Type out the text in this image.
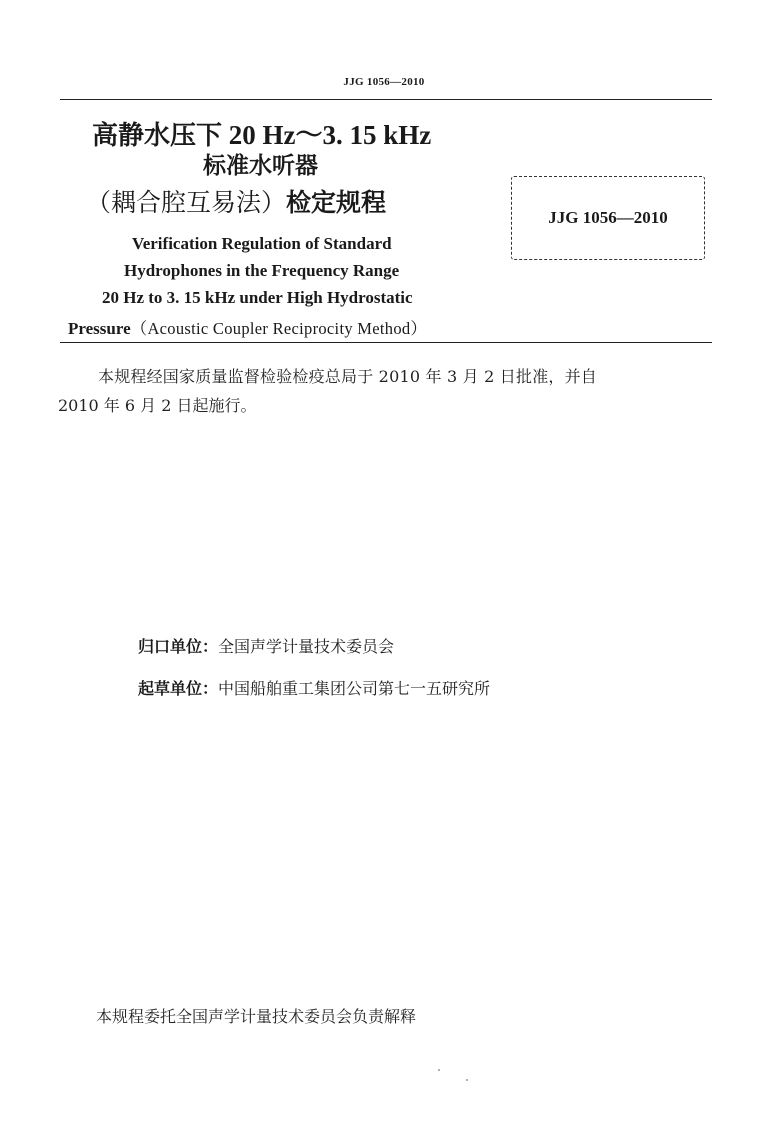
JJG 1056—2010
高静水压下 20 Hz～3. 15 kHz
标准水听器
（耦合腔互易法）检定规程
JJG 1056—2010
Verification Regulation of Standard
Hydrophones in the Frequency Range
20 Hz to 3. 15 kHz under High Hydrostatic
Pressure（Acoustic Coupler Reciprocity Method）
本规程经国家质量监督检验检疫总局于 2010 年 3 月 2 日批准，并自
2010 年 6 月 2 日起施行。
归口单位：全国声学计量技术委员会
起草单位：中国船舶重工集团公司第七一五研究所
本规程委托全国声学计量技术委员会负责解释
